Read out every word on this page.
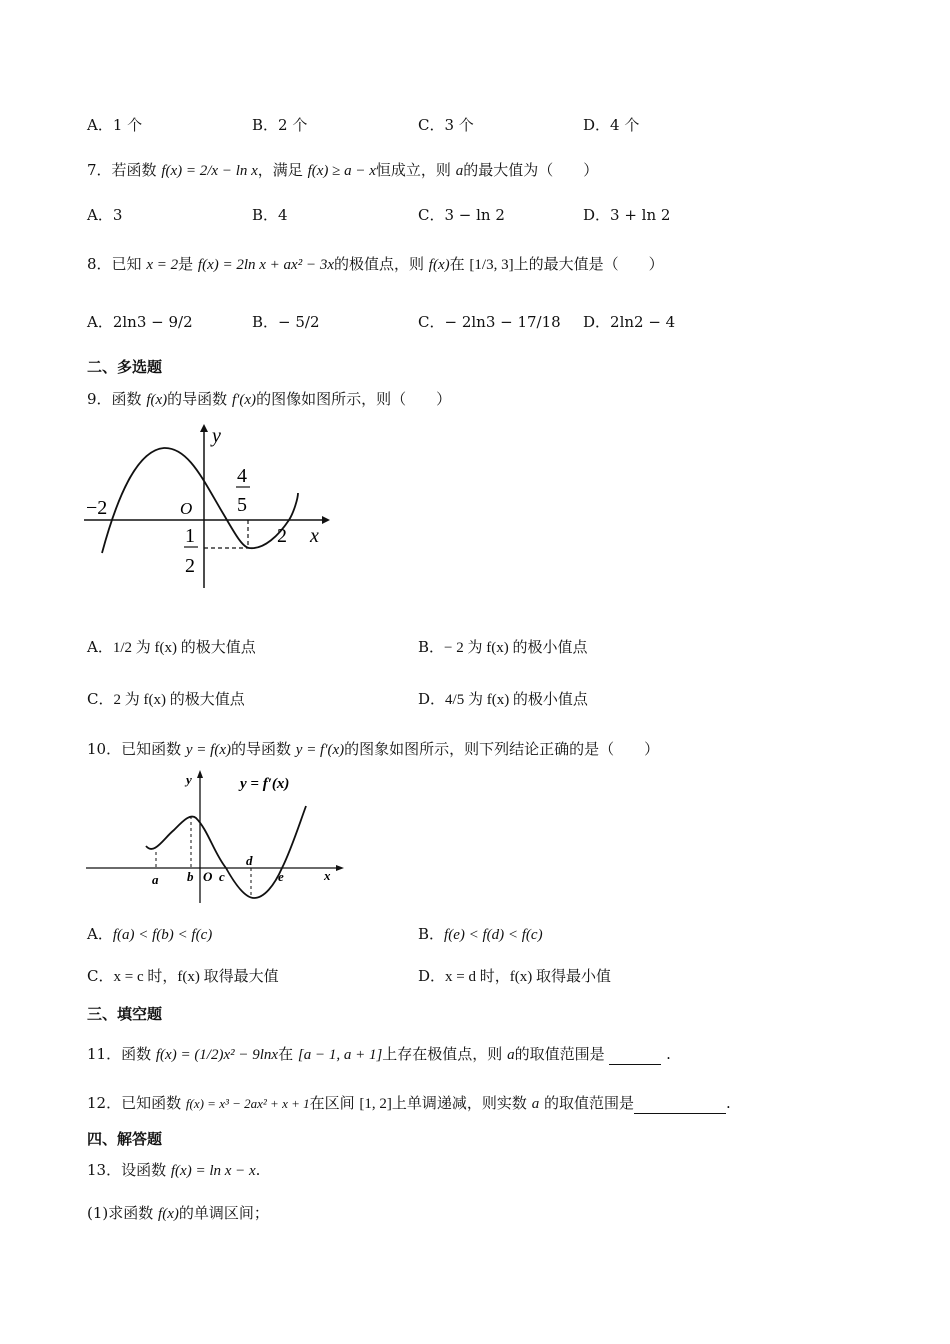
A．1 个	B．2 个	C．3 个	D．4 个
7．若函数 f(x) = 2/x − ln x，满足 f(x) ≥ a − x恒成立，则 a的最大值为（　　）
A．3	B．4	C．3 − ln 2	D．3 + ln 2
8．已知 x = 2是 f(x) = 2ln x + ax² − 3x的极值点，则 f(x)在 [1/3, 3]上的最大值是（　　）
A．2ln3 − 9/2	B．− 5/2	C．− 2ln3 − 17/18 D．2ln2 − 4
二、多选题
9．函数 f(x)的导函数 f′(x)的图像如图所示，则（　　）
y
x
O
−2
2
4
5
1
2
A．1/2 为 f(x) 的极大值点	B．− 2 为 f(x) 的极小值点
C．2 为 f(x) 的极大值点	D．4/5 为 f(x) 的极小值点
10．已知函数 y = f(x)的导函数 y = f′(x)的图象如图所示，则下列结论正确的是（　　）
y = f′(x)
y
x
a b O c
d
e
A．f(a) < f(b) < f(c)	B．f(e) < f(d) < f(c)
C．x = c 时，f(x) 取得最大值	D．x = d 时，f(x) 取得最小值
三、填空题
11．函数 f(x) = (1/2)x² − 9lnx在 [a − 1, a + 1]上存在极值点，则 a的取值范围是	.
12．已知函数 f(x) = x³ − 2ax² + x + 1在区间 [1, 2]上单调递减，则实数 a 的取值范围是	.
四、解答题
13．设函数 f(x) = ln x − x.
(1)求函数 f(x)的单调区间；
